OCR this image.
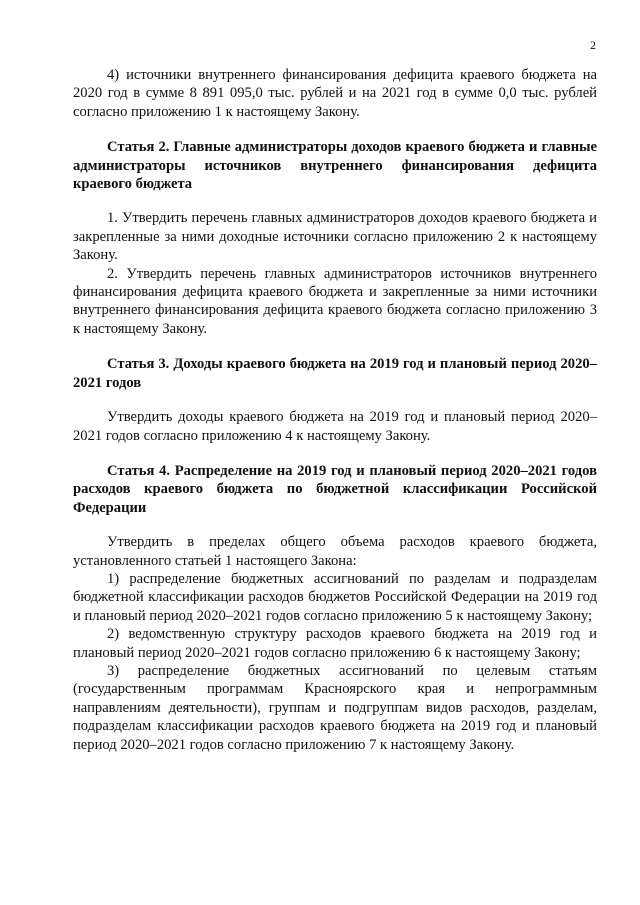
2

4) источники внутреннего финансирования дефицита краевого бюджета на 2020 год в сумме 8 891 095,0 тыс. рублей и на 2021 год в сумме 0,0 тыс. рублей согласно приложению 1 к настоящему Закону.

Статья 2. Главные администраторы доходов краевого бюджета и главные администраторы источников внутреннего финансирования дефицита краевого бюджета

1. Утвердить перечень главных администраторов доходов краевого бюджета и закрепленные за ними доходные источники согласно приложению 2 к настоящему Закону.

2. Утвердить перечень главных администраторов источников внутреннего финансирования дефицита краевого бюджета и закрепленные за ними источники внутреннего финансирования дефицита краевого бюджета согласно приложению 3 к настоящему Закону.

Статья 3. Доходы краевого бюджета на 2019 год и плановый период 2020–2021 годов

Утвердить доходы краевого бюджета на 2019 год и плановый период 2020–2021 годов согласно приложению 4 к настоящему Закону.

Статья 4. Распределение на 2019 год и плановый период 2020–2021 годов расходов краевого бюджета по бюджетной классификации Российской Федерации

Утвердить в пределах общего объема расходов краевого бюджета, установленного статьей 1 настоящего Закона:

1) распределение бюджетных ассигнований по разделам и подразделам бюджетной классификации расходов бюджетов Российской Федерации на 2019 год и плановый период 2020–2021 годов согласно приложению 5 к настоящему Закону;

2) ведомственную структуру расходов краевого бюджета на 2019 год и плановый период 2020–2021 годов согласно приложению 6 к настоящему Закону;

3) распределение бюджетных ассигнований по целевым статьям (государственным программам Красноярского края и непрограммным направлениям деятельности), группам и подгруппам видов расходов, разделам, подразделам классификации расходов краевого бюджета на 2019 год и плановый период 2020–2021 годов согласно приложению 7 к настоящему Закону.
